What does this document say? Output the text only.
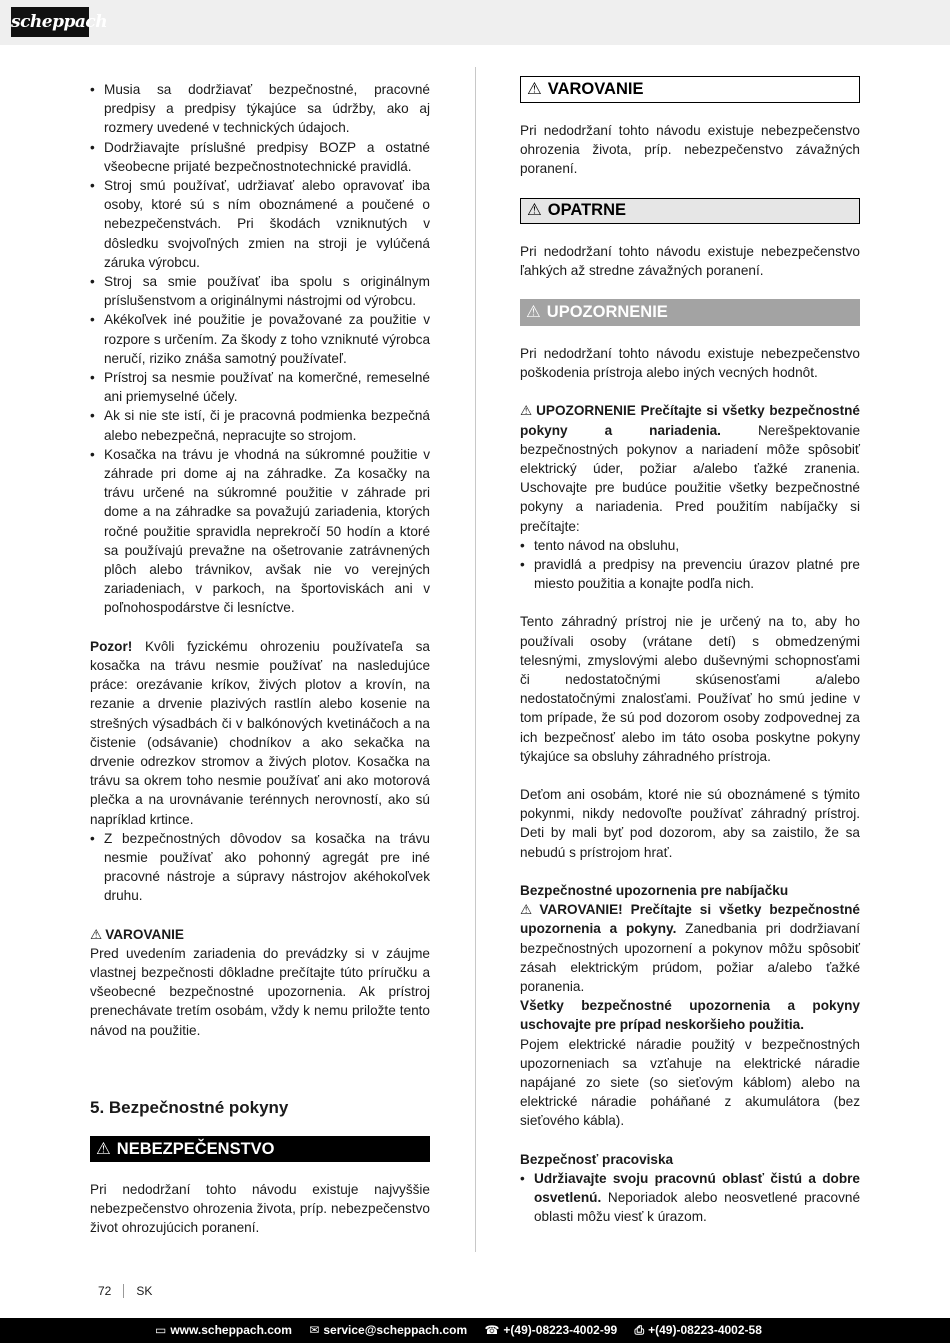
scheppach
• Musia sa dodržiavať bezpečnostné, pracovné predpisy a predpisy týkajúce sa údržby, ako aj rozmery uvedené v technických údajoch.
• Dodržiavajte príslušné predpisy BOZP a ostatné všeobecne prijaté bezpečnostnotechnické pravidlá.
• Stroj smú používať, udržiavať alebo opravovať iba osoby, ktoré sú s ním oboznámené a poučené o nebezpečenstvách. Pri škodách vzniknutých v dôsledku svojvoľných zmien na stroji je vylúčená záruka výrobcu.
• Stroj sa smie používať iba spolu s originálnym príslušenstvom a originálnymi nástrojmi od výrobcu.
• Akékoľvek iné použitie je považované za použitie v rozpore s určením. Za škody z toho vzniknuté výrobca neručí, riziko znáša samotný používateľ.
• Prístroj sa nesmie používať na komerčné, remeselné ani priemyselné účely.
• Ak si nie ste istí, či je pracovná podmienka bezpečná alebo nebezpečná, nepracujte so strojom.
• Kosačka na trávu je vhodná na súkromné použitie v záhrade pri dome aj na záhradke. Za kosačky na trávu určené na súkromné použitie v záhrade pri dome a na záhradke sa považujú zariadenia, ktorých ročné použitie spravidla neprekročí 50 hodín a ktoré sa používajú prevažne na ošetrovanie zatrávnených plôch alebo trávnikov, avšak nie vo verejných zariadeniach, v parkoch, na športoviskách ani v poľnohospodárstve či lesníctve.

Pozor! Kvôli fyzickému ohrozeniu používateľa sa kosačka na trávu nesmie používať na nasledujúce práce: orezávanie kríkov, živých plotov a krovín, na rezanie a drvenie plazivých rastlín alebo kosenie na strešných výsadbách či v balkónových kvetináčoch a na čistenie (odsávanie) chodníkov a ako sekačka na drvenie odrezkov stromov a živých plotov. Kosačka na trávu sa okrem toho nesmie používať ani ako motorová plečka a na urovnávanie terénnych nerovností, ako sú napríklad krtince.

• Z bezpečnostných dôvodov sa kosačka na trávu nesmie používať ako pohonný agregát pre iné pracovné nástroje a súpravy nástrojov akéhokoľvek druhu.

⚠ VAROVANIE

Pred uvedením zariadenia do prevádzky si v záujme vlastnej bezpečnosti dôkladne prečítajte túto príručku a všeobecné bezpečnostné upozornenia. Ak prístroj prenechávate tretím osobám, vždy k nemu priložte tento návod na použitie.

5. Bezpečnostné pokyny

⚠ NEBEZPEČENSTVO

Pri nedodržaní tohto návodu existuje najvyššie nebezpečenstvo ohrozenia života, príp. nebezpečenstvo život ohrozujúcich poranení.

⚠ VAROVANIE

Pri nedodržaní tohto návodu existuje nebezpečenstvo ohrozenia života, príp. nebezpečenstvo závažných poranení.

⚠ OPATRNE

Pri nedodržaní tohto návodu existuje nebezpečenstvo ľahkých až stredne závažných poranení.

⚠ UPOZORNENIE

Pri nedodržaní tohto návodu existuje nebezpečenstvo poškodenia prístroja alebo iných vecných hodnôt.

⚠ UPOZORNENIE Prečítajte si všetky bezpečnostné pokyny a nariadenia. Nerešpektovanie bezpečnostných pokynov a nariadení môže spôsobiť elektrický úder, požiar a/alebo ťažké zranenia. Uschovajte pre budúce použitie všetky bezpečnostné pokyny a nariadenia. Pred použitím nabíjačky si prečítajte:

• tento návod na obsluhu,
• pravidlá a predpisy na prevenciu úrazov platné pre miesto použitia a konajte podľa nich.

Tento záhradný prístroj nie je určený na to, aby ho používali osoby (vrátane detí) s obmedzenými telesnými, zmyslovými alebo duševnými schopnosťami či nedostatočnými skúsenosťami a/alebo nedostatočnými znalosťami. Používať ho smú jedine v tom prípade, že sú pod dozorom osoby zodpovednej za ich bezpečnosť alebo im táto osoba poskytne pokyny týkajúce sa obsluhy záhradného prístroja.

Deťom ani osobám, ktoré nie sú oboznámené s týmito pokynmi, nikdy nedovoľte používať záhradný prístroj. Deti by mali byť pod dozorom, aby sa zaistilo, že sa nebudú s prístrojom hrať.

Bezpečnostné upozornenia pre nabíjačku

⚠ VAROVANIE! Prečítajte si všetky bezpečnostné upozornenia a pokyny. Zanedbania pri dodržiavaní bezpečnostných upozornení a pokynov môžu spôsobiť zásah elektrickým prúdom, požiar a/alebo ťažké poranenia.

Všetky bezpečnostné upozornenia a pokyny uschovajte pre prípad neskoršieho použitia.

Pojem elektrické náradie použitý v bezpečnostných upozorneniach sa vzťahuje na elektrické náradie napájané zo siete (so sieťovým káblom) alebo na elektrické náradie poháňané z akumulátora (bez sieťového kábla).

Bezpečnosť pracoviska

• Udržiavajte svoju pracovnú oblasť čistú a dobre osvetlenú. Neporiadok alebo neosvetlené pracovné oblasti môžu viesť k úrazom.
72 SK
▭ www.scheppach.com ✉ service@scheppach.com ☎ +(49)-08223-4002-99 ⎙ +(49)-08223-4002-58
